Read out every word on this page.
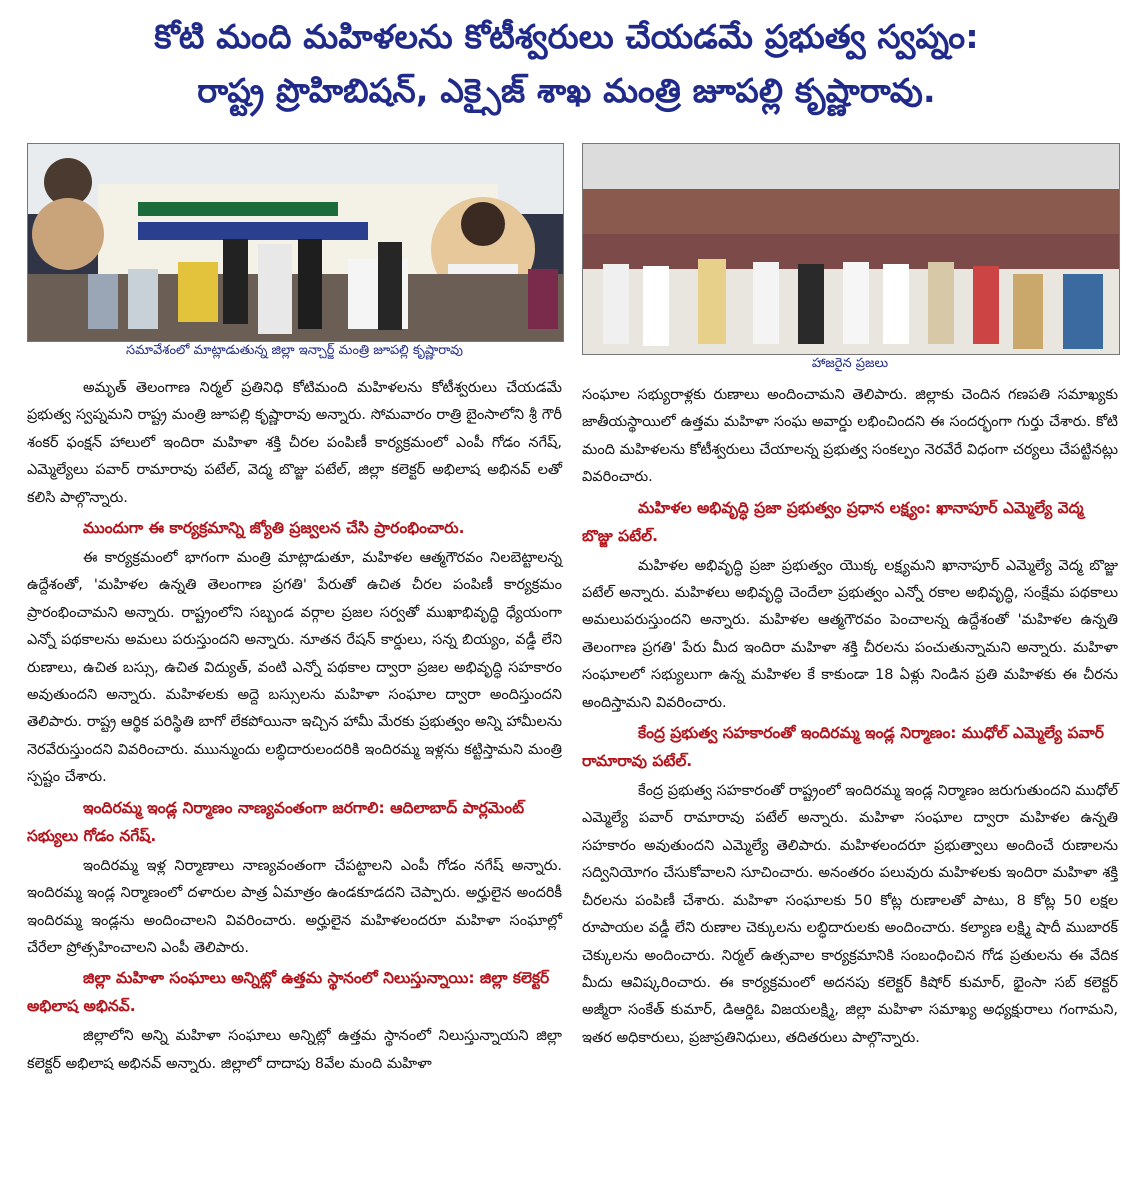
కోటి మంది మహిళలను కోటీశ్వరులు చేయడమే ప్రభుత్వ స్వప్నం:
రాష్ట్ర ప్రొహిబిషన్, ఎక్సైజ్ శాఖ మంత్రి జూపల్లి కృష్ణారావు.
సమావేశంలో మాట్లాడుతున్న జిల్లా ఇన్చార్జ్ మంత్రి జూపల్లి కృష్ణారావు
హాజరైన ప్రజలు

అమృత్ తెలంగాణ నిర్మల్ ప్రతినిధి కోటిమంది మహిళలను కోటీశ్వరులు చేయడమే ప్రభుత్వ స్వప్నమని రాష్ట్ర మంత్రి జూపల్లి కృష్ణారావు అన్నారు. సోమవారం రాత్రి బైంసాలోని శ్రీ గౌరీ శంకర్ ఫంక్షన్ హాలులో ఇందిరా మహిళా శక్తి చీరల పంపిణీ కార్యక్రమంలో ఎంపీ గోడం నగేష్, ఎమ్మెల్యేలు పవార్ రామారావు పటేల్, వెద్మ బొజ్జు పటేల్, జిల్లా కలెక్టర్ అభిలాష అభినవ్ లతో కలిసి పాల్గొన్నారు.

ముందుగా ఈ కార్యక్రమాన్ని జ్యోతి ప్రజ్వలన చేసి ప్రారంభించారు.

ఈ కార్యక్రమంలో భాగంగా మంత్రి మాట్లాడుతూ, మహిళల ఆత్మగౌరవం నిలబెట్టాలన్న ఉద్దేశంతో, 'మహిళల ఉన్నతి తెలంగాణ ప్రగతి' పేరుతో ఉచిత చీరల పంపిణీ కార్యక్రమం ప్రారంభించామని అన్నారు. రాష్ట్రంలోని సబ్బండ వర్గాల ప్రజల సర్వతో ముఖాభివృద్ధి ధ్యేయంగా ఎన్నో పథకాలను అమలు పరుస్తుందని అన్నారు. నూతన రేషన్ కార్డులు, సన్న బియ్యం, వడ్డీ లేని రుణాలు, ఉచిత బస్సు, ఉచిత విద్యుత్, వంటి ఎన్నో పథకాల ద్వారా ప్రజల అభివృద్ధి సహకారం అవుతుందని అన్నారు. మహిళలకు అద్దె బస్సులను మహిళా సంఘాల ద్వారా అందిస్తుందని తెలిపారు. రాష్ట్ర ఆర్థిక పరిస్థితి బాగో లేకపోయినా ఇచ్చిన హామీ మేరకు ప్రభుత్వం అన్ని హామీలను నెరవేరుస్తుందని వివరించారు. ముున్ముందు లబ్ధిదారులందరికి ఇందిరమ్మ ఇళ్లను కట్టిస్తామని మంత్రి స్పష్టం చేశారు.

ఇందిరమ్మ ఇండ్ల నిర్మాణం నాణ్యవంతంగా జరగాలి: ఆదిలాబాద్ పార్లమెంట్ సభ్యులు గోడం నగేష్.

ఇందిరమ్మ ఇళ్ల నిర్మాణాలు నాణ్యవంతంగా చేపట్టాలని ఎంపీ గోడం నగేష్ అన్నారు. ఇందిరమ్మ ఇండ్ల నిర్మాణంలో దళారుల పాత్ర ఏమాత్రం ఉండకూడదని చెప్పారు. అర్హులైన అందరికీ ఇందిరమ్మ ఇండ్లను అందించాలని వివరించారు. అర్హులైన మహిళలందరూ మహిళా సంఘాల్లో చేరేలా ప్రోత్సహించాలని ఎంపీ తెలిపారు.

జిల్లా మహిళా సంఘాలు అన్నిట్లో ఉత్తమ స్థానంలో నిలుస్తున్నాయి: జిల్లా కలెక్టర్ అభిలాష అభినవ్.

జిల్లాలోని అన్ని మహిళా సంఘాలు అన్నిట్లో ఉత్తమ స్థానంలో నిలుస్తున్నాయని జిల్లా కలెక్టర్ అభిలాష అభినవ్ అన్నారు. జిల్లాలో దాదాపు 8వేల మంది మహిళా

సంఘాల సభ్యురాళ్లకు రుణాలు అందించామని తెలిపారు. జిల్లాకు చెందిన గణపతి సమాఖ్యకు జాతీయస్థాయిలో ఉత్తమ మహిళా సంఘ అవార్డు లభించిందని ఈ సందర్భంగా గుర్తు చేశారు. కోటి మంది మహిళలను కోటీశ్వరులు చేయాలన్న ప్రభుత్వ సంకల్పం నెరవేరే విధంగా చర్యలు చేపట్టినట్లు వివరించారు.

మహిళల అభివృద్ధి ప్రజా ప్రభుత్వం ప్రధాన లక్ష్యం: ఖానాపూర్ ఎమ్మెల్యే వెద్మ బొజ్జు పటేల్.

మహిళల అభివృద్ధి ప్రజా ప్రభుత్వం యొక్క లక్ష్యమని ఖానాపూర్ ఎమ్మెల్యే వెద్మ బొజ్జు పటేల్ అన్నారు. మహిళలు అభివృద్ధి చెందేలా ప్రభుత్వం ఎన్నో రకాల అభివృద్ధి, సంక్షేమ పథకాలు అమలుపరుస్తుందని అన్నారు. మహిళల ఆత్మగౌరవం పెంచాలన్న ఉద్దేశంతో 'మహిళల ఉన్నతి తెలంగాణ ప్రగతి' పేరు మీద ఇందిరా మహిళా శక్తి చీరలను పంచుతున్నామని అన్నారు. మహిళా సంఘాలలో సభ్యులుగా ఉన్న మహిళల కే కాకుండా 18 ఏళ్లు నిండిన ప్రతి మహిళకు ఈ చీరను అందిస్తామని వివరించారు.

కేంద్ర ప్రభుత్వ సహకారంతో ఇందిరమ్మ ఇండ్ల నిర్మాణం: ముధోల్ ఎమ్మెల్యే పవార్ రామారావు పటేల్.

కేంద్ర ప్రభుత్వ సహకారంతో రాష్ట్రంలో ఇందిరమ్మ ఇండ్ల నిర్మాణం జరుగుతుందని ముధోల్ ఎమ్మెల్యే పవార్ రామారావు పటేల్ అన్నారు. మహిళా సంఘాల ద్వారా మహిళల ఉన్నతి సహకారం అవుతుందని ఎమ్మెల్యే తెలిపారు. మహిళలందరూ ప్రభుత్వాలు అందించే రుణాలను సద్వినియోగం చేసుకోవాలని సూచించారు. అనంతరం పలువురు మహిళలకు ఇందిరా మహిళా శక్తి చీరలను పంపిణీ చేశారు. మహిళా సంఘాలకు 50 కోట్ల రుణాలతో పాటు, 8 కోట్ల 50 లక్షల రూపాయల వడ్డీ లేని రుణాల చెక్కులను లబ్ధిదారులకు అందించారు. కల్యాణ లక్ష్మి షాదీ ముబారక్ చెక్కులను అందించారు. నిర్మల్ ఉత్సవాల కార్యక్రమానికి సంబంధించిన గోడ ప్రతులను ఈ వేదిక మీదు ఆవిష్కరించారు. ఈ కార్యక్రమంలో అదనపు కలెక్టర్ కిషోర్ కుమార్, భైంసా సబ్ కలెక్టర్ అజ్మీరా సంకేత్ కుమార్, డిఆర్డిఓ విజయలక్ష్మి, జిల్లా మహిళా సమాఖ్య అధ్యక్షురాలు గంగామని, ఇతర అధికారులు, ప్రజాప్రతినిధులు, తదితరులు పాల్గొన్నారు.
